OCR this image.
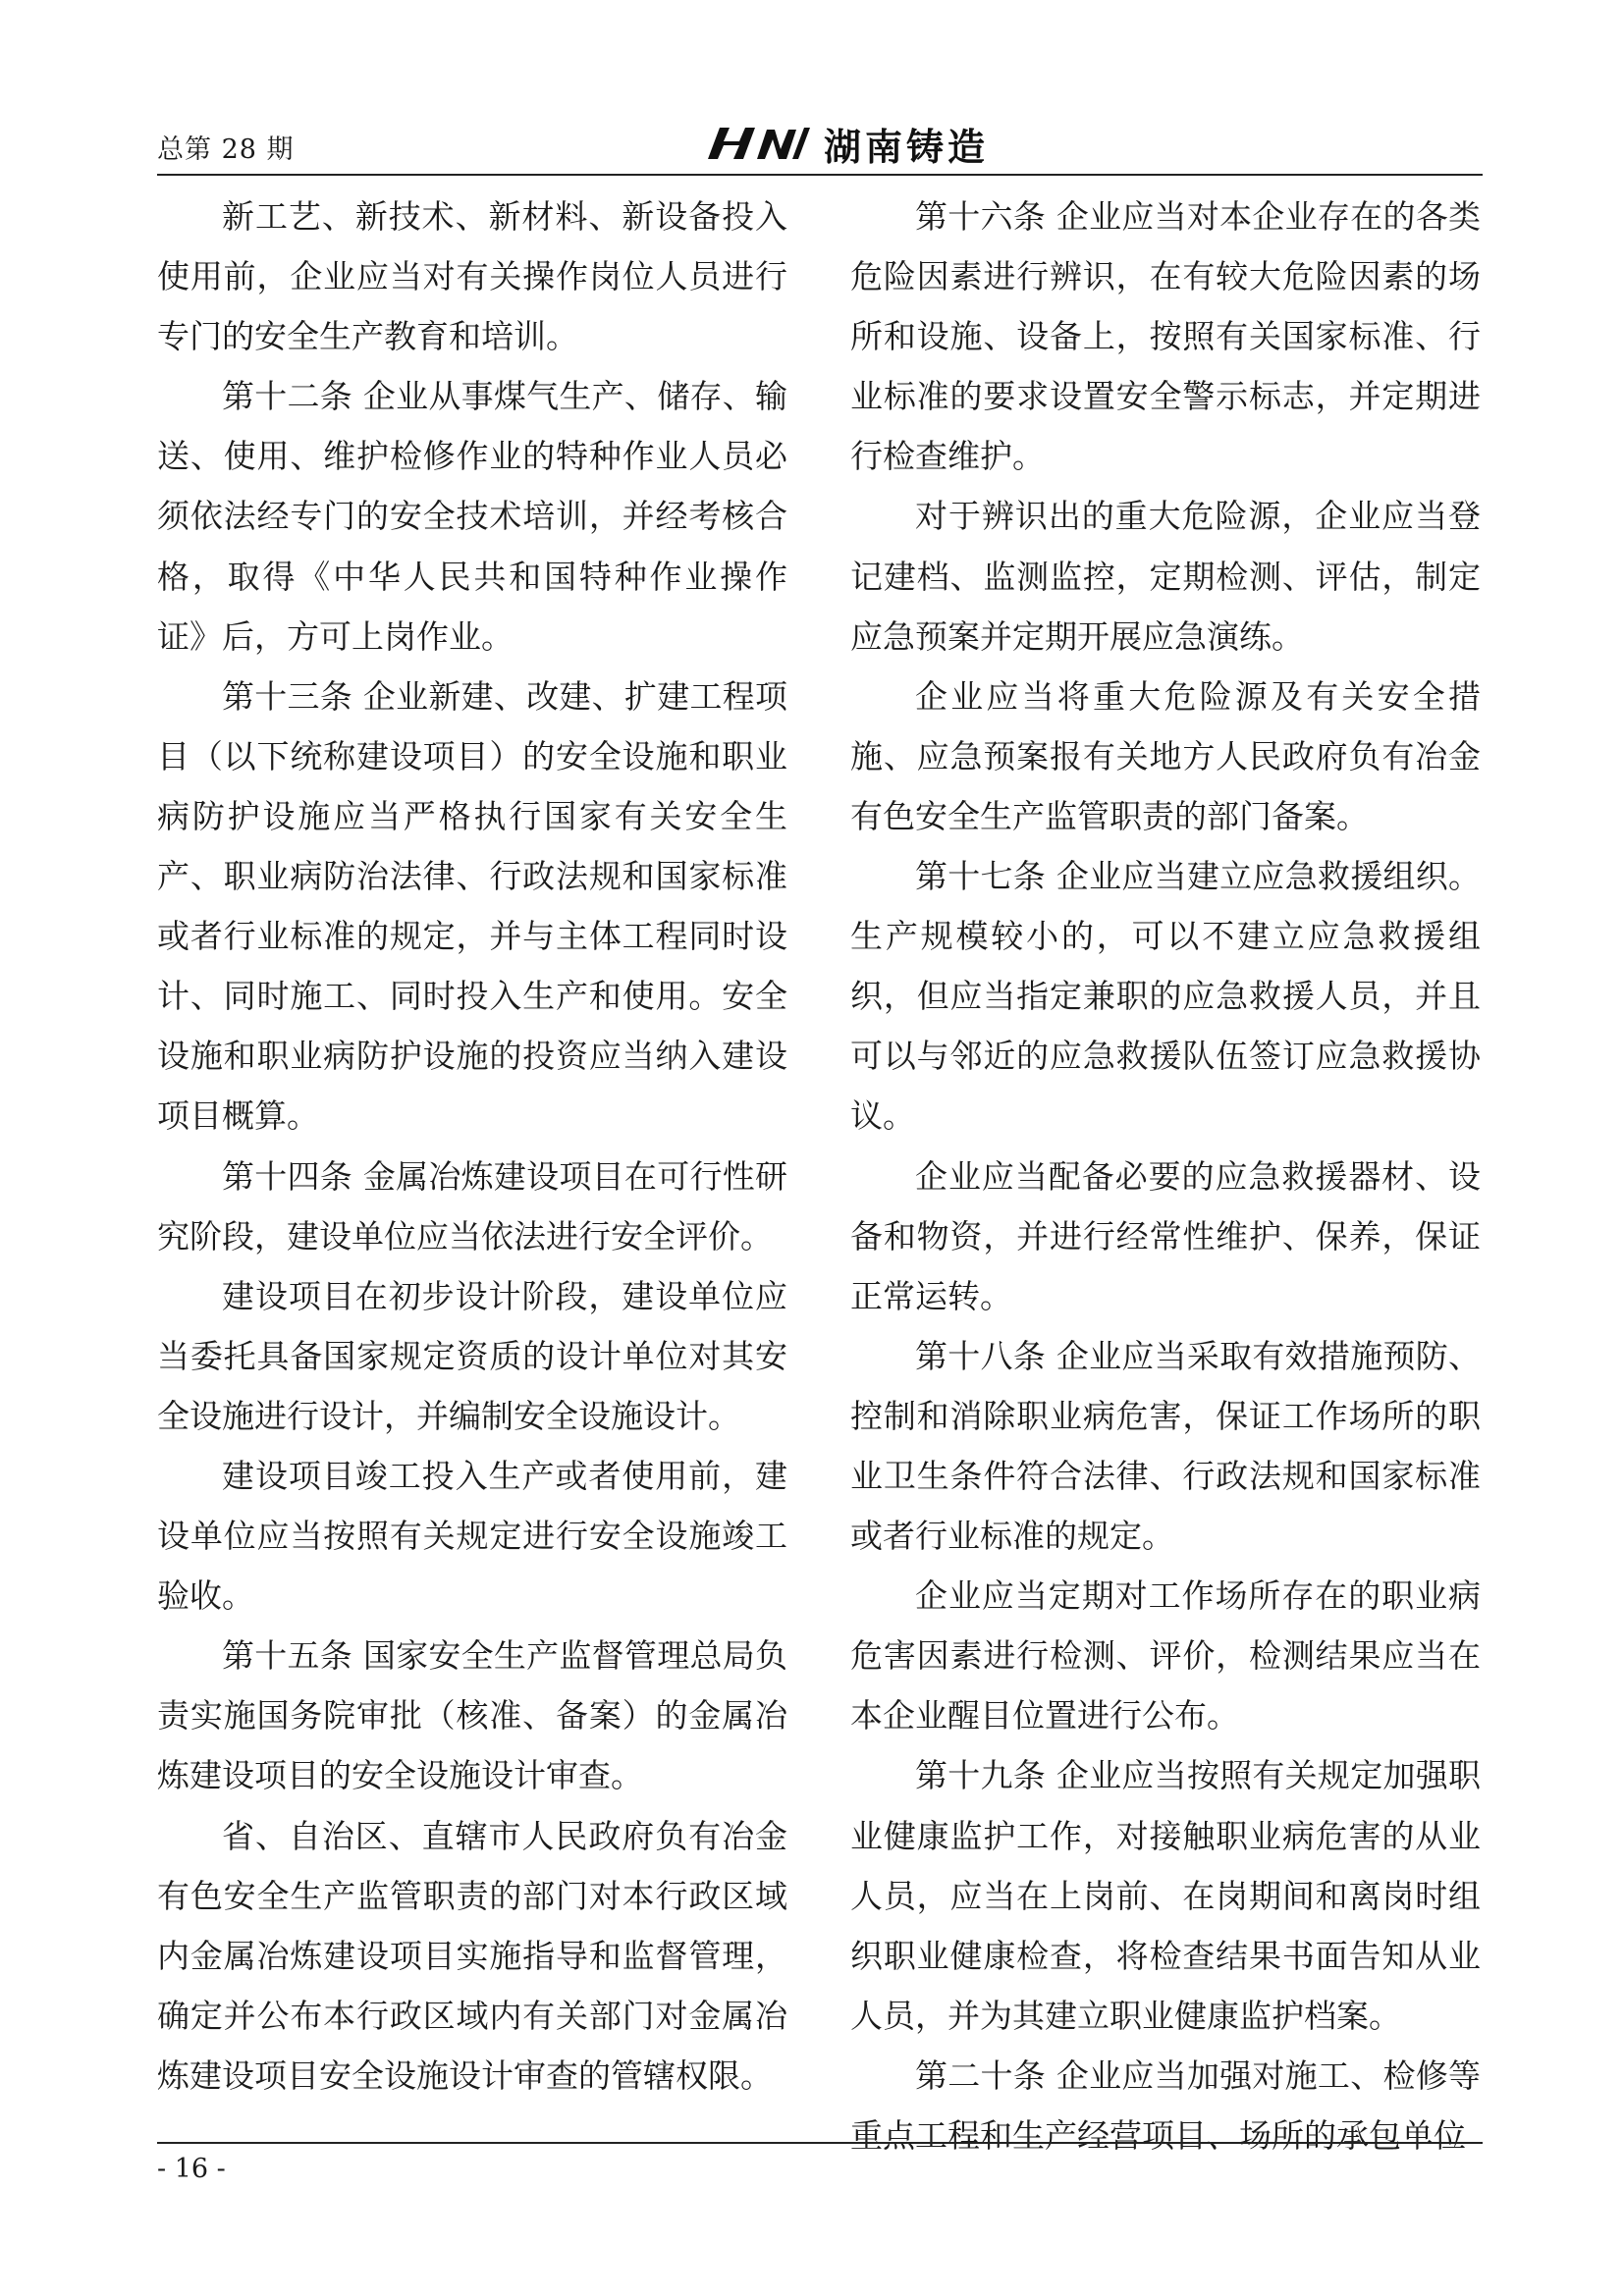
总第 28 期	湖南铸造

新工艺、新技术、新材料、新设备投入使用前，企业应当对有关操作岗位人员进行专门的安全生产教育和培训。

第十二条 企业从事煤气生产、储存、输送、使用、维护检修作业的特种作业人员必须依法经专门的安全技术培训，并经考核合格，取得《中华人民共和国特种作业操作证》后，方可上岗作业。

第十三条 企业新建、改建、扩建工程项目（以下统称建设项目）的安全设施和职业病防护设施应当严格执行国家有关安全生产、职业病防治法律、行政法规和国家标准或者行业标准的规定，并与主体工程同时设计、同时施工、同时投入生产和使用。安全设施和职业病防护设施的投资应当纳入建设项目概算。

第十四条 金属冶炼建设项目在可行性研究阶段，建设单位应当依法进行安全评价。

建设项目在初步设计阶段，建设单位应当委托具备国家规定资质的设计单位对其安全设施进行设计，并编制安全设施设计。

建设项目竣工投入生产或者使用前，建设单位应当按照有关规定进行安全设施竣工验收。

第十五条 国家安全生产监督管理总局负责实施国务院审批（核准、备案）的金属冶炼建设项目的安全设施设计审查。

省、自治区、直辖市人民政府负有冶金有色安全生产监管职责的部门对本行政区域内金属冶炼建设项目实施指导和监督管理，确定并公布本行政区域内有关部门对金属冶炼建设项目安全设施设计审查的管辖权限。

第十六条 企业应当对本企业存在的各类危险因素进行辨识，在有较大危险因素的场所和设施、设备上，按照有关国家标准、行业标准的要求设置安全警示标志，并定期进行检查维护。

对于辨识出的重大危险源，企业应当登记建档、监测监控，定期检测、评估，制定应急预案并定期开展应急演练。

企业应当将重大危险源及有关安全措施、应急预案报有关地方人民政府负有冶金有色安全生产监管职责的部门备案。

第十七条 企业应当建立应急救援组织。生产规模较小的，可以不建立应急救援组织，但应当指定兼职的应急救援人员，并且可以与邻近的应急救援队伍签订应急救援协议。

企业应当配备必要的应急救援器材、设备和物资，并进行经常性维护、保养，保证正常运转。

第十八条 企业应当采取有效措施预防、控制和消除职业病危害，保证工作场所的职业卫生条件符合法律、行政法规和国家标准或者行业标准的规定。

企业应当定期对工作场所存在的职业病危害因素进行检测、评价，检测结果应当在本企业醒目位置进行公布。

第十九条 企业应当按照有关规定加强职业健康监护工作，对接触职业病危害的从业人员，应当在上岗前、在岗期间和离岗时组织职业健康检查，将检查结果书面告知从业人员，并为其建立职业健康监护档案。

第二十条 企业应当加强对施工、检修等重点工程和生产经营项目、场所的承包单位

- 16 -
